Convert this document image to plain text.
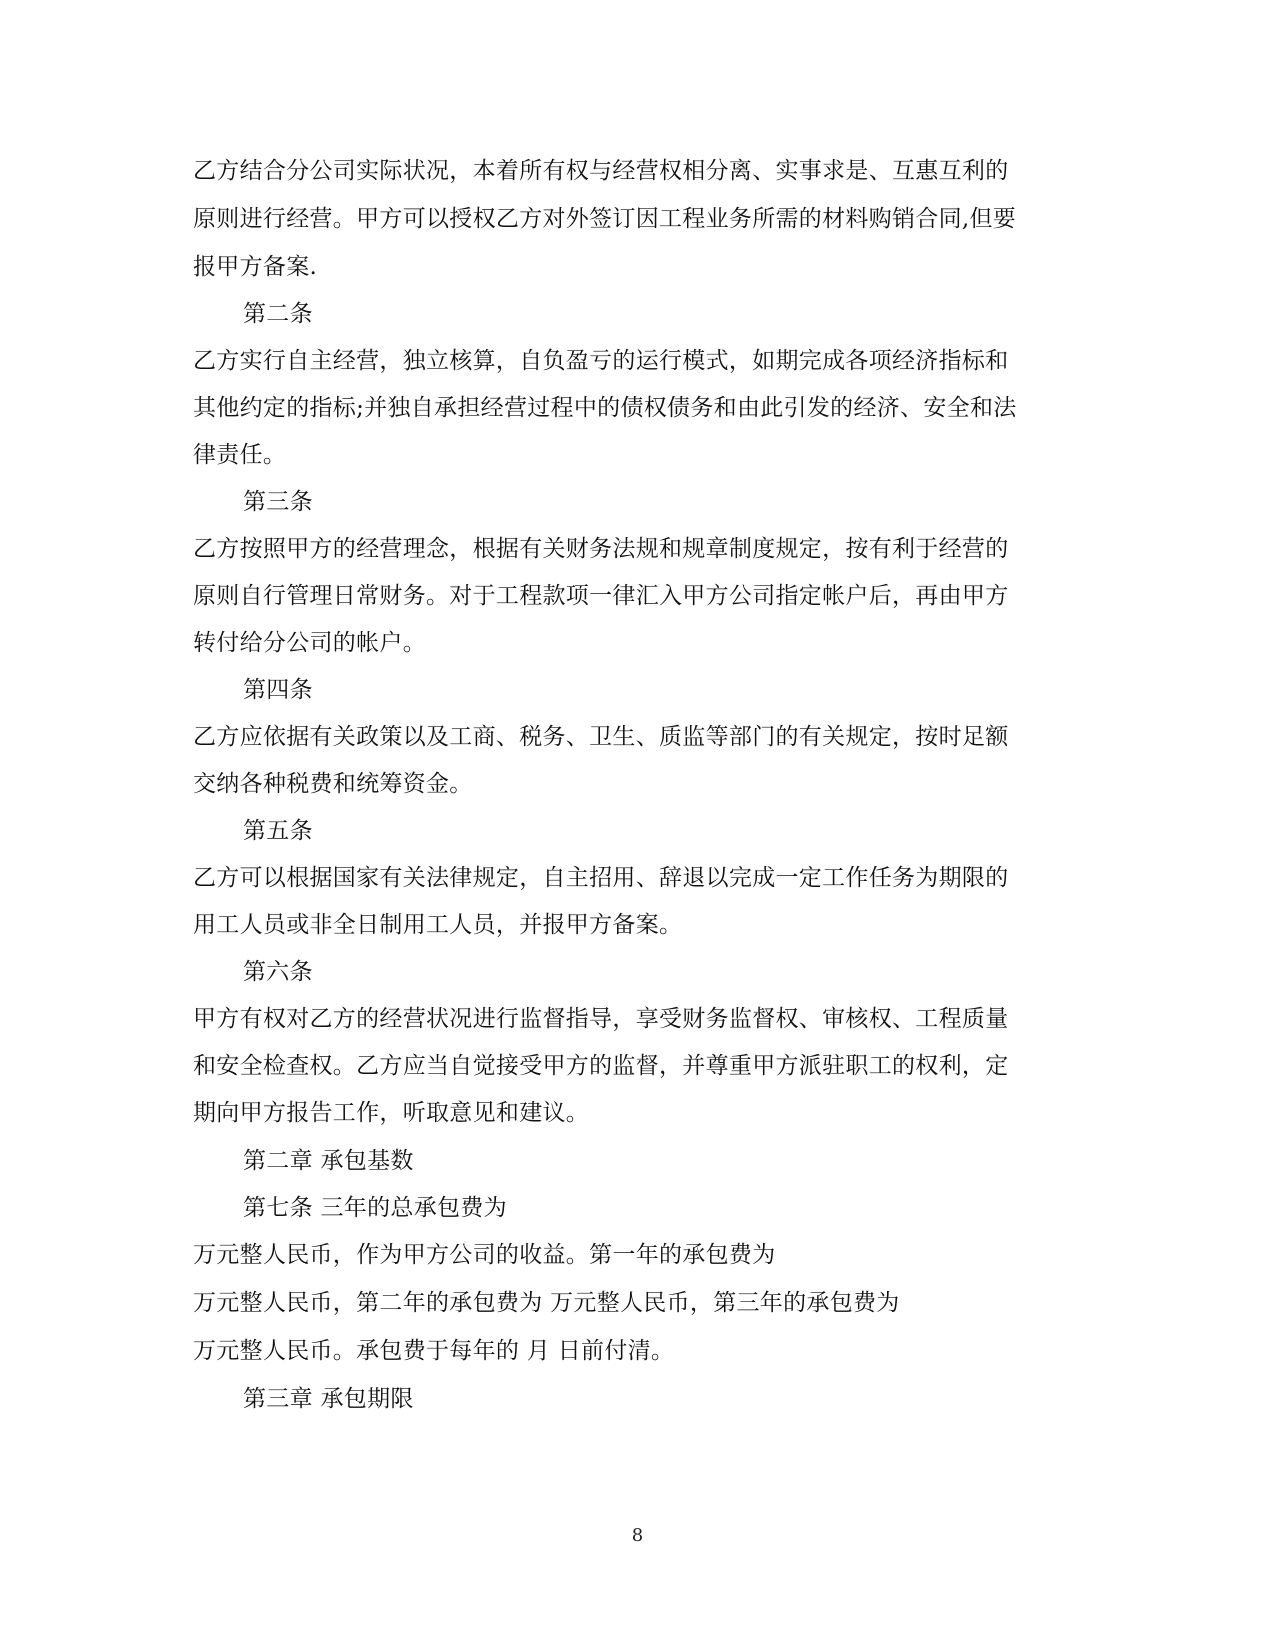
乙方结合分公司实际状况，本着所有权与经营权相分离、实事求是、互惠互利的
原则进行经营。甲方可以授权乙方对外签订因工程业务所需的材料购销合同,但要
报甲方备案.
第二条
乙方实行自主经营，独立核算，自负盈亏的运行模式，如期完成各项经济指标和
其他约定的指标;并独自承担经营过程中的债权债务和由此引发的经济、安全和法
律责任。
第三条
乙方按照甲方的经营理念，根据有关财务法规和规章制度规定，按有利于经营的
原则自行管理日常财务。对于工程款项一律汇入甲方公司指定帐户后，再由甲方
转付给分公司的帐户。
第四条
乙方应依据有关政策以及工商、税务、卫生、质监等部门的有关规定，按时足额
交纳各种税费和统筹资金。
第五条
乙方可以根据国家有关法律规定，自主招用、辞退以完成一定工作任务为期限的
用工人员或非全日制用工人员，并报甲方备案。
第六条
甲方有权对乙方的经营状况进行监督指导，享受财务监督权、审核权、工程质量
和安全检查权。乙方应当自觉接受甲方的监督，并尊重甲方派驻职工的权利，定
期向甲方报告工作，听取意见和建议。
第二章 承包基数
第七条 三年的总承包费为
万元整人民币，作为甲方公司的收益。第一年的承包费为
万元整人民币，第二年的承包费为 万元整人民币，第三年的承包费为
万元整人民币。承包费于每年的 月 日前付清。
第三章 承包期限
8
